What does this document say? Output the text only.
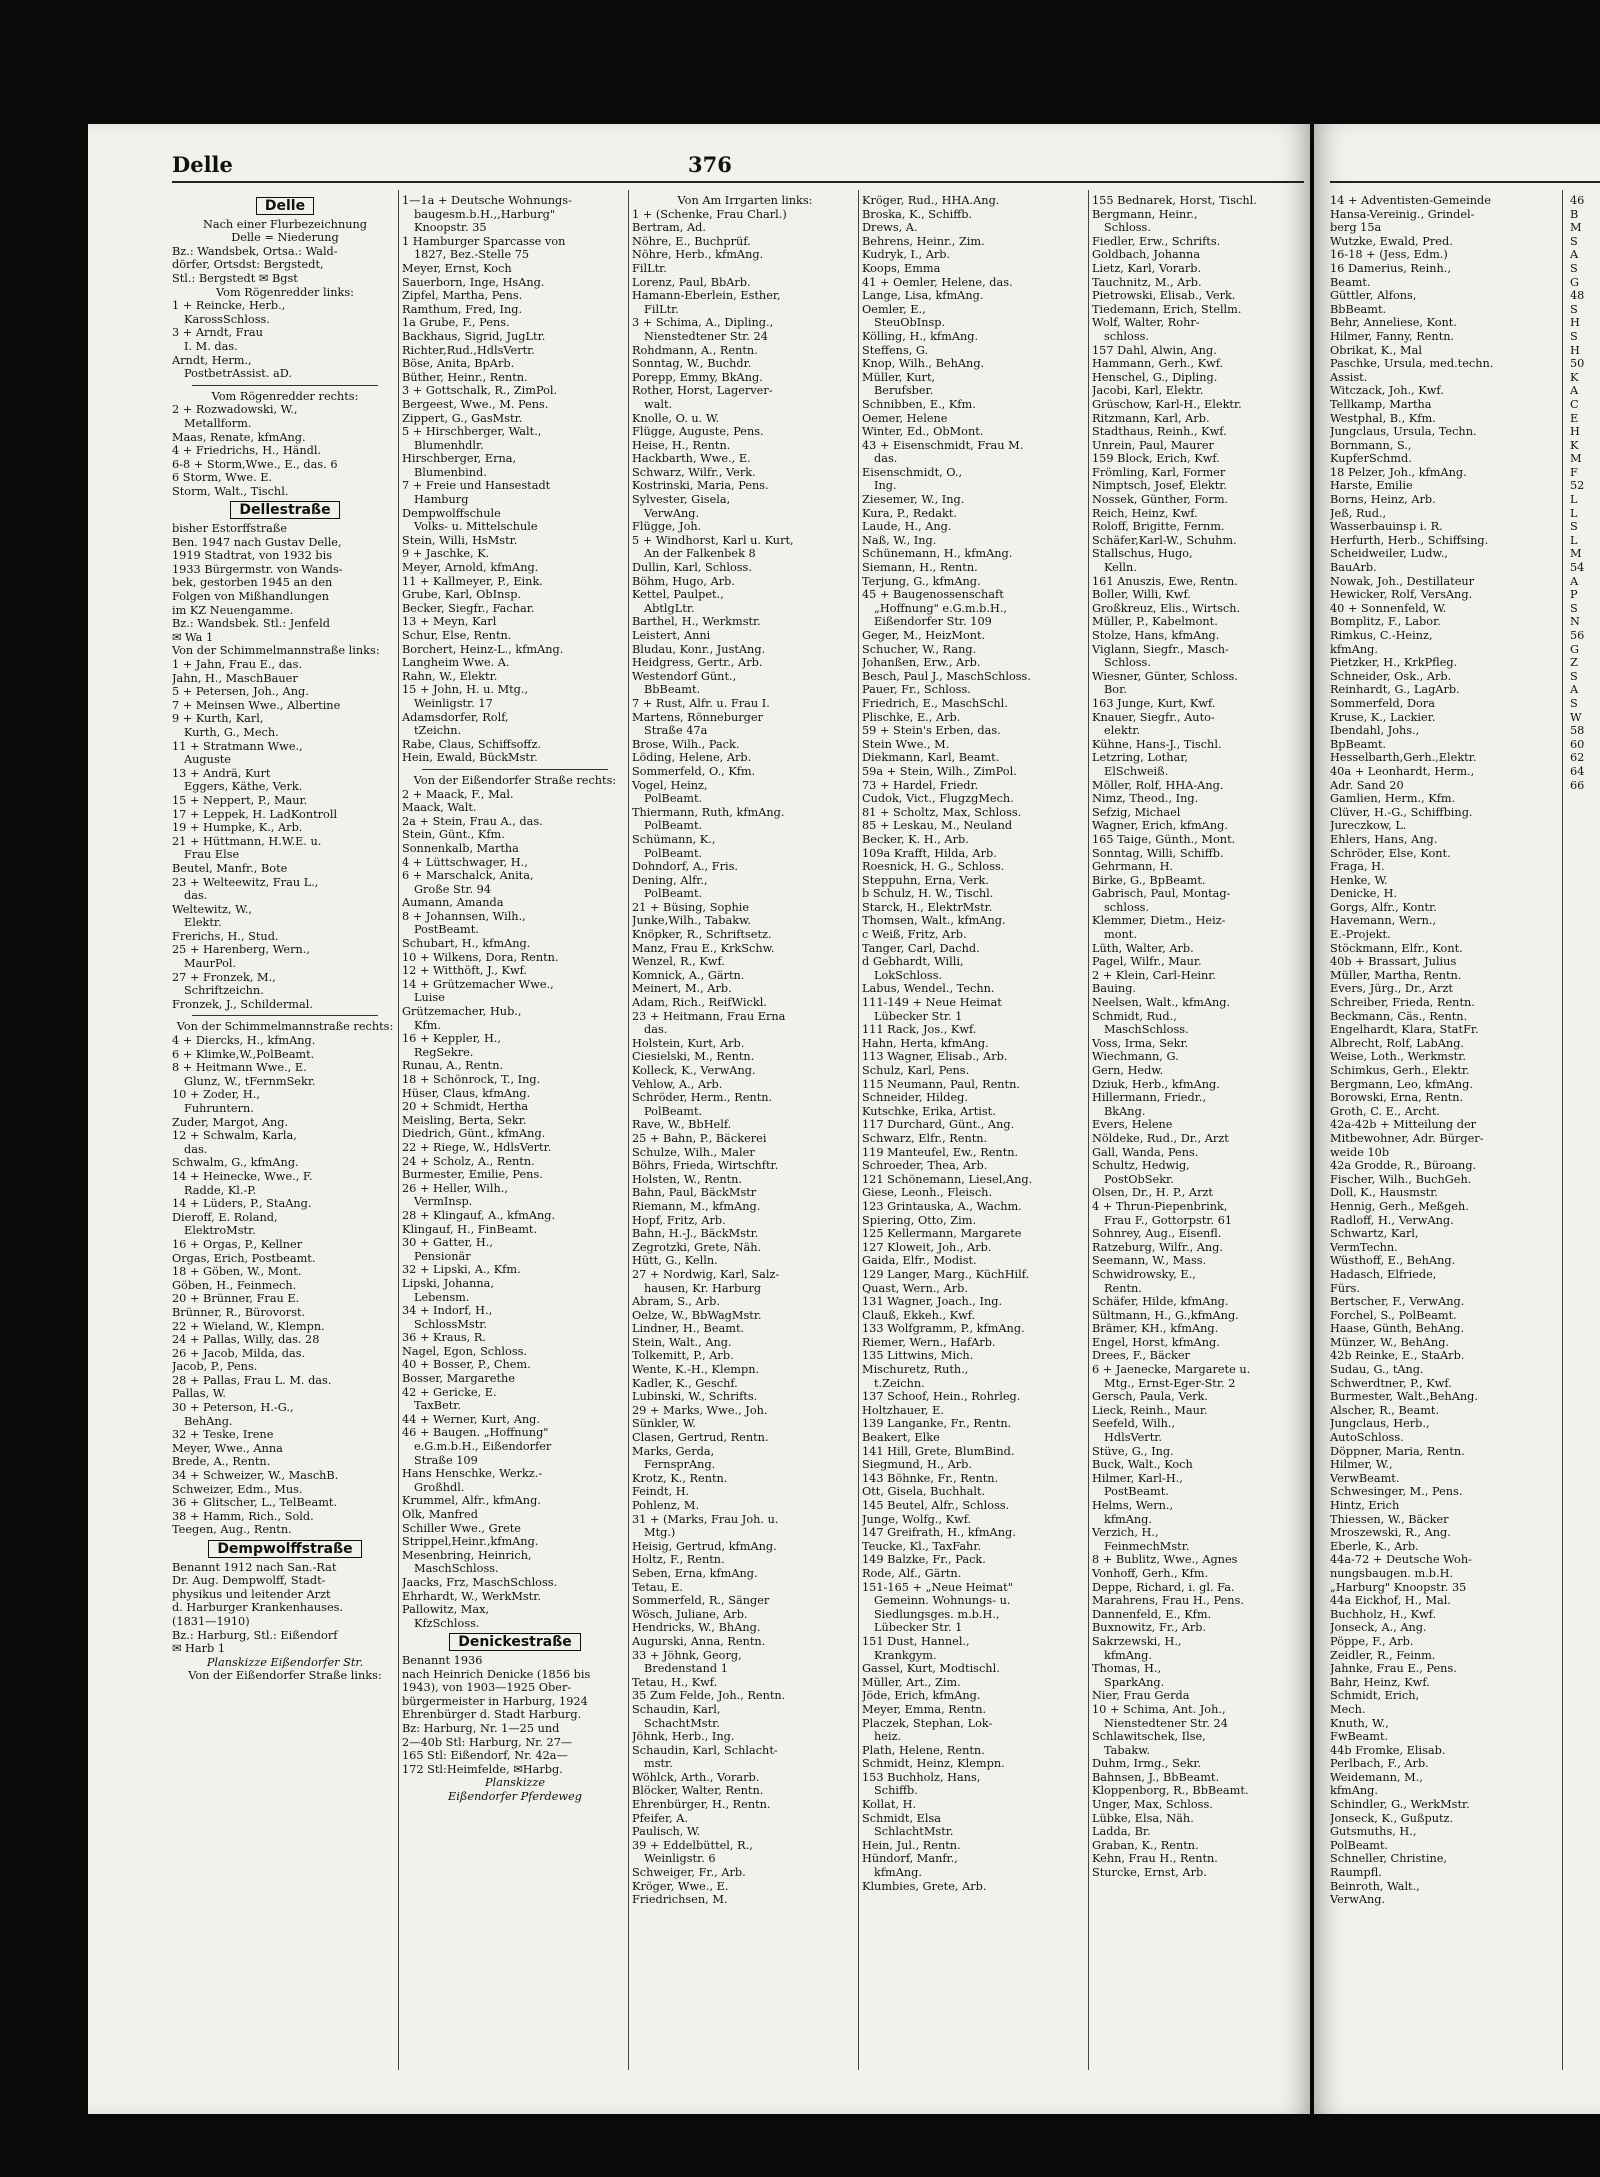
Delle	376
Delle
Nach einer Flurbezeichnung
Delle = Niederung
Bz.: Wandsbek, Ortsa.: Wald-
dörfer, Ortsdst: Bergstedt,
Stl.: Bergstedt ✉ Bgst
Vom Rögenredder links:
1 + Reincke, Herb.,
KarossSchloss.
3 + Arndt, Frau
I. M. das.
Arndt, Herm.,
PostbetrAssist. aD.
Vom Rögenredder rechts:
2 + Rozwadowski, W.,
Metallform.
Maas, Renate, kfmAng.
4 + Friedrichs, H., Händl.
6-8 + Storm,Wwe., E., das. 6
6 Storm, Wwe. E.
Storm, Walt., Tischl.
Dellestraße
bisher Estorffstraße
Ben. 1947 nach Gustav Delle,
1919 Stadtrat, von 1932 bis
1933 Bürgermstr. von Wands-
bek, gestorben 1945 an den
Folgen von Mißhandlungen
im KZ Neuengamme.
Bz.: Wandsbek. Stl.: Jenfeld
✉ Wa 1
Von der Schimmelmannstraße links:
1 + Jahn, Frau E., das.
Jahn, H., MaschBauer
5 + Petersen, Joh., Ang.
7 + Meinsen Wwe., Albertine
9 + Kurth, Karl,
Kurth, G., Mech.
11 + Stratmann Wwe.,
Auguste
13 + Andrä, Kurt
Eggers, Käthe, Verk.
15 + Neppert, P., Maur.
17 + Leppek, H. LadKontroll
19 + Humpke, K., Arb.
21 + Hüttmann, H.W.E. u.
Frau Else
Beutel, Manfr., Bote
23 + Welteewitz, Frau L.,
das.
Weltewitz, W.,
Elektr.
Frerichs, H., Stud.
25 + Harenberg, Wern.,
MaurPol.
27 + Fronzek, M.,
Schriftzeichn.
Fronzek, J., Schildermal.
Von der Schimmelmannstraße rechts:
4 + Diercks, H., kfmAng.
6 + Klimke,W.,PolBeamt.
8 + Heitmann Wwe., E.
Glunz, W., tFernmSekr.
10 + Zoder, H.,
Fuhruntern.
Zuder, Margot, Ang.
12 + Schwalm, Karla,
das.
Schwalm, G., kfmAng.
14 + Heinecke, Wwe., F.
Radde, Kl.-P.
14 + Lüders, P., StaAng.
Dieroff, E. Roland,
ElektroMstr.
16 + Orgas, P., Kellner
Orgas, Erich, Postbeamt.
18 + Göben, W., Mont.
Göben, H., Feinmech.
20 + Brünner, Frau E.
Brünner, R., Bürovorst.
22 + Wieland, W., Klempn.
24 + Pallas, Willy, das. 28
26 + Jacob, Milda, das.
Jacob, P., Pens.
28 + Pallas, Frau L. M. das.
Pallas, W.
30 + Peterson, H.-G.,
BehAng.
32 + Teske, Irene
Meyer, Wwe., Anna
Brede, A., Rentn.
34 + Schweizer, W., MaschB.
Schweizer, Edm., Mus.
36 + Glitscher, L., TelBeamt.
38 + Hamm, Rich., Sold.
Teegen, Aug., Rentn.
Dempwolffstraße
Benannt 1912 nach San.-Rat
Dr. Aug. Dempwolff, Stadt-
physikus und leitender Arzt
d. Harburger Krankenhauses.
(1831—1910)
Bz.: Harburg, Stl.: Eißendorf
✉ Harb 1
Planskizze Eißendorfer Str.
Von der Eißendorfer Straße links:
1—1a + Deutsche Wohnungs-
baugesm.b.H.,,Harburg"
Knoopstr. 35
1 Hamburger Sparcasse von
1827, Bez.-Stelle 75
Meyer, Ernst, Koch
Sauerborn, Inge, HsAng.
Zipfel, Martha, Pens.
Ramthum, Fred, Ing.
1a Grube, F., Pens.
Backhaus, Sigrid, JugLtr.
Richter,Rud.,HdlsVertr.
Böse, Anita, BpArb.
Büther, Heinr., Rentn.
3 + Gottschalk, R., ZimPol.
Bergeest, Wwe., M. Pens.
Zippert, G., GasMstr.
5 + Hirschberger, Walt.,
Blumenhdlr.
Hirschberger, Erna,
Blumenbind.
7 + Freie und Hansestadt
Hamburg
Dempwolffschule
Volks- u. Mittelschule
Stein, Willi, HsMstr.
9 + Jaschke, K.
Meyer, Arnold, kfmAng.
11 + Kallmeyer, P., Eink.
Grube, Karl, ObInsp.
Becker, Siegfr., Fachar.
13 + Meyn, Karl
Schur, Else, Rentn.
Borchert, Heinz-L., kfmAng.
Langheim Wwe. A.
Rahn, W., Elektr.
15 + John, H. u. Mtg.,
Weinligstr. 17
Adamsdorfer, Rolf,
tZeichn.
Rabe, Claus, Schiffsoffz.
Hein, Ewald, BückMstr.
Von der Eißendorfer Straße rechts:
2 + Maack, F., Mal.
Maack, Walt.
2a + Stein, Frau A., das.
Stein, Günt., Kfm.
Sonnenkalb, Martha
4 + Lüttschwager, H.,
6 + Marschalck, Anita,
Große Str. 94
Aumann, Amanda
8 + Johannsen, Wilh.,
PostBeamt.
Schubart, H., kfmAng.
10 + Wilkens, Dora, Rentn.
12 + Witthöft, J., Kwf.
14 + Grützemacher Wwe.,
Luise
Grützemacher, Hub.,
Kfm.
16 + Keppler, H.,
RegSekre.
Runau, A., Rentn.
18 + Schönrock, T., Ing.
Hüser, Claus, kfmAng.
20 + Schmidt, Hertha
Meisling, Berta, Sekr.
Diedrich, Günt., kfmAng.
22 + Riege, W., HdlsVertr.
24 + Scholz, A., Rentn.
Burmester, Emilie, Pens.
26 + Heller, Wilh.,
VermInsp.
28 + Klingauf, A., kfmAng.
Klingauf, H., FinBeamt.
30 + Gatter, H.,
Pensionär
32 + Lipski, A., Kfm.
Lipski, Johanna,
Lebensm.
34 + Indorf, H.,
SchlossMstr.
36 + Kraus, R.
Nagel, Egon, Schloss.
40 + Bosser, P., Chem.
Bosser, Margarethe
42 + Gericke, E.
TaxBetr.
44 + Werner, Kurt, Ang.
46 + Baugen. „Hoffnung"
e.G.m.b.H., Eißendorfer
Straße 109
Hans Henschke, Werkz.-
Großhdl.
Krummel, Alfr., kfmAng.
Olk, Manfred
Schiller Wwe., Grete
Strippel,Heinr.,kfmAng.
Mesenbring, Heinrich,
MaschSchloss.
Jaacks, Frz, MaschSchloss.
Ehrhardt, W., WerkMstr.
Pallowitz, Max,
KfzSchloss.
Denickestraße
Benannt 1936
nach Heinrich Denicke (1856 bis
1943), von 1903—1925 Ober-
bürgermeister in Harburg, 1924
Ehrenbürger d. Stadt Harburg.
Bz: Harburg, Nr. 1—25 und
2—40b Stl: Harburg, Nr. 27—
165 Stl: Eißendorf, Nr. 42a—
172 Stl:Heimfelde, ✉Harbg.
Planskizze
Eißendorfer Pferdeweg
Von Am Irrgarten links:
1 + (Schenke, Frau Charl.)
Bertram, Ad.
Nöhre, E., Buchprüf.
Nöhre, Herb., kfmAng.
FilLtr.
Lorenz, Paul, BbArb.
Hamann-Eberlein, Esther,
FilLtr.
3 + Schima, A., Dipling.,
Nienstedtener Str. 24
Rohdmann, A., Rentn.
Sonntag, W., Buchdr.
Porepp, Emmy, BkAng.
Rother, Horst, Lagerver-
walt.
Knolle, O. u. W.
Flügge, Auguste, Pens.
Heise, H., Rentn.
Hackbarth, Wwe., E.
Schwarz, Wilfr., Verk.
Kostrinski, Maria, Pens.
Sylvester, Gisela,
VerwAng.
Flügge, Joh.
5 + Windhorst, Karl u. Kurt,
An der Falkenbek 8
Dullin, Karl, Schloss.
Böhm, Hugo, Arb.
Kettel, Paulpet.,
AbtlgLtr.
Barthel, H., Werkmstr.
Leistert, Anni
Bludau, Konr., JustAng.
Heidgress, Gertr., Arb.
Westendorf Günt.,
BbBeamt.
7 + Rust, Alfr. u. Frau I.
Martens, Rönneburger
Straße 47a
Brose, Wilh., Pack.
Löding, Helene, Arb.
Sommerfeld, O., Kfm.
Vogel, Heinz,
PolBeamt.
Thiermann, Ruth, kfmAng.
PolBeamt.
Schümann, K.,
PolBeamt.
Dohndorf, A., Fris.
Dening, Alfr.,
PolBeamt.
21 + Büsing, Sophie
Junke,Wilh., Tabakw.
Knöpker, R., Schriftsetz.
Manz, Frau E., KrkSchw.
Wenzel, R., Kwf.
Komnick, A., Gärtn.
Meinert, M., Arb.
Adam, Rich., ReifWickl.
23 + Heitmann, Frau Erna
das.
Holstein, Kurt, Arb.
Ciesielski, M., Rentn.
Kolleck, K., VerwAng.
Vehlow, A., Arb.
Schröder, Herm., Rentn.
PolBeamt.
Rave, W., BbHelf.
25 + Bahn, P., Bäckerei
Schulze, Wilh., Maler
Böhrs, Frieda, Wirtschftr.
Holsten, W., Rentn.
Bahn, Paul, BäckMstr
Riemann, M., kfmAng.
Hopf, Fritz, Arb.
Bahn, H.-J., BäckMstr.
Zegrotzki, Grete, Näh.
Hütt, G., Kelln.
27 + Nordwig, Karl, Salz-
hausen, Kr. Harburg
Abram, S., Arb.
Oelze, W., BbWagMstr.
Lindner, H., Beamt.
Stein, Walt., Ang.
Tolkemitt, P., Arb.
Wente, K.-H., Klempn.
Kadler, K., Geschf.
Lubinski, W., Schrifts.
29 + Marks, Wwe., Joh.
Sünkler, W.
Clasen, Gertrud, Rentn.
Marks, Gerda,
FernsprAng.
Krotz, K., Rentn.
Feindt, H.
Pohlenz, M.
31 + (Marks, Frau Joh. u.
Mtg.)
Heisig, Gertrud, kfmAng.
Holtz, F., Rentn.
Seben, Erna, kfmAng.
Tetau, E.
Sommerfeld, R., Sänger
Wösch, Juliane, Arb.
Hendricks, W., BhAng.
Augurski, Anna, Rentn.
33 + Jöhnk, Georg,
Bredenstand 1
Tetau, H., Kwf.
35 Zum Felde, Joh., Rentn.
Schaudin, Karl,
SchachtMstr.
Jöhnk, Herb., Ing.
Schaudin, Karl, Schlacht-
mstr.
Wöhlck, Arth., Vorarb.
Blöcker, Walter, Rentn.
Ehrenbürger, H., Rentn.
Pfeifer, A.
Paulisch, W.
39 + Eddelbüttel, R.,
Weinligstr. 6
Schweiger, Fr., Arb.
Kröger, Wwe., E.
Friedrichsen, M.
Kröger, Rud., HHA.Ang.
Broska, K., Schiffb.
Drews, A.
Behrens, Heinr., Zim.
Kudryk, I., Arb.
Koops, Emma
41 + Oemler, Helene, das.
Lange, Lisa, kfmAng.
Oemler, E.,
SteuObInsp.
Kölling, H., kfmAng.
Steffens, G.
Knop, Wilh., BehAng.
Müller, Kurt,
Berufsber.
Schnibben, E., Kfm.
Oemer, Helene
Winter, Ed., ObMont.
43 + Eisenschmidt, Frau M.
das.
Eisenschmidt, O.,
Ing.
Ziesemer, W., Ing.
Kura, P., Redakt.
Laude, H., Ang.
Naß, W., Ing.
Schünemann, H., kfmAng.
Siemann, H., Rentn.
Terjung, G., kfmAng.
45 + Baugenossenschaft
„Hoffnung" e.G.m.b.H.,
Eißendorfer Str. 109
Geger, M., HeizMont.
Schucher, W., Rang.
Johanßen, Erw., Arb.
Besch, Paul J., MaschSchloss.
Pauer, Fr., Schloss.
Friedrich, E., MaschSchl.
Plischke, E., Arb.
59 + Stein's Erben, das.
Stein Wwe., M.
Diekmann, Karl, Beamt.
59a + Stein, Wilh., ZimPol.
73 + Hardel, Friedr.
Cudok, Vict., FlugzgMech.
81 + Scholtz, Max, Schloss.
85 + Leskau, M., Neuland
Becker, K. H., Arb.
109a Krafft, Hilda, Arb.
Roesnick, H. G., Schloss.
Steppuhn, Erna, Verk.
b Schulz, H. W., Tischl.
Starck, H., ElektrMstr.
Thomsen, Walt., kfmAng.
c Weiß, Fritz, Arb.
Tanger, Carl, Dachd.
d Gebhardt, Willi,
LokSchloss.
Labus, Wendel., Techn.
111-149 + Neue Heimat
Lübecker Str. 1
111 Rack, Jos., Kwf.
Hahn, Herta, kfmAng.
113 Wagner, Elisab., Arb.
Schulz, Karl, Pens.
115 Neumann, Paul, Rentn.
Schneider, Hildeg.
Kutschke, Erika, Artist.
117 Durchard, Günt., Ang.
Schwarz, Elfr., Rentn.
119 Manteufel, Ew., Rentn.
Schroeder, Thea, Arb.
121 Schönemann, Liesel,Ang.
Giese, Leonh., Fleisch.
123 Grintauska, A., Wachm.
Spiering, Otto, Zim.
125 Kellermann, Margarete
127 Kloweit, Joh., Arb.
Gaida, Elfr., Modist.
129 Langer, Marg., KüchHilf.
Quast, Wern., Arb.
131 Wagner, Joach., Ing.
Clauß, Ekkeh., Kwf.
133 Wolfgramm, P., kfmAng.
Riemer, Wern., HafArb.
135 Littwins, Mich.
Mischuretz, Ruth.,
t.Zeichn.
137 Schoof, Hein., Rohrleg.
Holtzhauer, E.
139 Langanke, Fr., Rentn.
Beakert, Elke
141 Hill, Grete, BlumBind.
Siegmund, H., Arb.
143 Böhnke, Fr., Rentn.
Ott, Gisela, Buchhalt.
145 Beutel, Alfr., Schloss.
Junge, Wolfg., Kwf.
147 Greifrath, H., kfmAng.
Teucke, Kl., TaxFahr.
149 Balzke, Fr., Pack.
Rode, Alf., Gärtn.
151-165 + „Neue Heimat"
Gemeinn. Wohnungs- u.
Siedlungsges. m.b.H.,
Lübecker Str. 1
151 Dust, Hannel.,
Krankgym.
Gassel, Kurt, Modtischl.
Müller, Art., Zim.
Jöde, Erich, kfmAng.
Meyer, Emma, Rentn.
Placzek, Stephan, Lok-
heiz.
Plath, Helene, Rentn.
Schmidt, Heinz, Klempn.
153 Buchholz, Hans,
Schiffb.
Kollat, H.
Schmidt, Elsa
SchlachtMstr.
Hein, Jul., Rentn.
Hündorf, Manfr.,
kfmAng.
Klumbies, Grete, Arb.
155 Bednarek, Horst, Tischl.
Bergmann, Heinr.,
Schloss.
Fiedler, Erw., Schrifts.
Goldbach, Johanna
Lietz, Karl, Vorarb.
Tauchnitz, M., Arb.
Pietrowski, Elisab., Verk.
Tiedemann, Erich, Stellm.
Wolf, Walter, Rohr-
schloss.
157 Dahl, Alwin, Ang.
Hammann, Gerh., Kwf.
Henschel, G., Dipling.
Jacobi, Karl, Elektr.
Grüschow, Karl-H., Elektr.
Ritzmann, Karl, Arb.
Stadthaus, Reinh., Kwf.
Unrein, Paul, Maurer
159 Block, Erich, Kwf.
Frömling, Karl, Former
Nimptsch, Josef, Elektr.
Nossek, Günther, Form.
Reich, Heinz, Kwf.
Roloff, Brigitte, Fernm.
Schäfer,Karl-W., Schuhm.
Stallschus, Hugo,
Kelln.
161 Anuszis, Ewe, Rentn.
Boller, Willi, Kwf.
Großkreuz, Elis., Wirtsch.
Müller, P., Kabelmont.
Stolze, Hans, kfmAng.
Viglann, Siegfr., Masch-
Schloss.
Wiesner, Günter, Schloss.
Bor.
163 Junge, Kurt, Kwf.
Knauer, Siegfr., Auto-
elektr.
Kühne, Hans-J., Tischl.
Letzring, Lothar,
ElSchweiß.
Möller, Rolf, HHA-Ang.
Nimz, Theod., Ing.
Sefzig, Michael
Wagner, Erich, kfmAng.
165 Taige, Günth., Mont.
Sonntag, Willi, Schiffb.
Gehrmann, H.
Birke, G., BpBeamt.
Gabrisch, Paul, Montag-
schloss.
Klemmer, Dietm., Heiz-
mont.
Lüth, Walter, Arb.
Pagel, Wilfr., Maur.
2 + Klein, Carl-Heinr.
Bauing.
Neelsen, Walt., kfmAng.
Schmidt, Rud.,
MaschSchloss.
Voss, Irma, Sekr.
Wiechmann, G.
Gern, Hedw.
Dziuk, Herb., kfmAng.
Hillermann, Friedr.,
BkAng.
Evers, Helene
Nöldeke, Rud., Dr., Arzt
Gall, Wanda, Pens.
Schultz, Hedwig,
PostObSekr.
Olsen, Dr., H. P., Arzt
4 + Thrun-Piepenbrink,
Frau F., Gottorpstr. 61
Sohnrey, Aug., Eisenfl.
Ratzeburg, Wilfr., Ang.
Seemann, W., Mass.
Schwidrowsky, E.,
Rentn.
Schäfer, Hilde, kfmAng.
Sültmann, H., G.,kfmAng.
Brämer, KH., kfmAng.
Engel, Horst, kfmAng.
Drees, F., Bäcker
6 + Jaenecke, Margarete u.
Mtg., Ernst-Eger-Str. 2
Gersch, Paula, Verk.
Lieck, Reinh., Maur.
Seefeld, Wilh.,
HdlsVertr.
Stüve, G., Ing.
Buck, Walt., Koch
Hilmer, Karl-H.,
PostBeamt.
Helms, Wern.,
kfmAng.
Verzich, H.,
FeinmechMstr.
8 + Bublitz, Wwe., Agnes
Vonhoff, Gerh., Kfm.
Deppe, Richard, i. gl. Fa.
Marahrens, Frau H., Pens.
Dannenfeld, E., Kfm.
Buxnowitz, Fr., Arb.
Sakrzewski, H.,
kfmAng.
Thomas, H.,
SparkAng.
Nier, Frau Gerda
10 + Schima, Ant. Joh.,
Nienstedtener Str. 24
Schlawitschek, Ilse,
Tabakw.
Duhm, Irmg., Sekr.
Bahnsen, J., BbBeamt.
Kloppenborg, R., BbBeamt.
Unger, Max, Schloss.
Lübke, Elsa, Näh.
Ladda, Br.
Graban, K., Rentn.
Kehn, Frau H., Rentn.
Sturcke, Ernst, Arb.
14 + Adventisten-Gemeinde
Hansa-Vereinig., Grindel-
berg 15a
Wutzke, Ewald, Pred.
16-18 + (Jess, Edm.)
16 Damerius, Reinh.,
Beamt.
Güttler, Alfons,
BbBeamt.
Behr, Anneliese, Kont.
Hilmer, Fanny, Rentn.
Obrikat, K., Mal
Paschke, Ursula, med.techn.
Assist.
Witczack, Joh., Kwf.
Tellkamp, Martha
Westphal, B., Kfm.
Jungclaus, Ursula, Techn.
Bornmann, S.,
KupferSchmd.
18 Pelzer, Joh., kfmAng.
Harste, Emilie
Borns, Heinz, Arb.
Jeß, Rud.,
Wasserbauinsp i. R.
Herfurth, Herb., Schiffsing.
Scheidweiler, Ludw.,
BauArb.
Nowak, Joh., Destillateur
Hewicker, Rolf, VersAng.
40 + Sonnenfeld, W.
Bomplitz, F., Labor.
Rimkus, C.-Heinz,
kfmAng.
Pietzker, H., KrkPfleg.
Schneider, Osk., Arb.
Reinhardt, G., LagArb.
Sommerfeld, Dora
Kruse, K., Lackier.
Ibendahl, Johs.,
BpBeamt.
Hesselbarth,Gerh.,Elektr.
40a + Leonhardt, Herm.,
Adr. Sand 20
Gamlien, Herm., Kfm.
Clüver, H.-G., Schiffbing.
Jureczkow, L.
Ehlers, Hans, Ang.
Schröder, Else, Kont.
Fraga, H.
Henke, W.
Denicke, H.
Gorgs, Alfr., Kontr.
Havemann, Wern.,
E.-Projekt.
Stöckmann, Elfr., Kont.
40b + Brassart, Julius
Müller, Martha, Rentn.
Evers, Jürg., Dr., Arzt
Schreiber, Frieda, Rentn.
Beckmann, Cäs., Rentn.
Engelhardt, Klara, StatFr.
Albrecht, Rolf, LabAng.
Weise, Loth., Werkmstr.
Schimkus, Gerh., Elektr.
Bergmann, Leo, kfmAng.
Borowski, Erna, Rentn.
Groth, C. E., Archt.
42a-42b + Mitteilung der
Mitbewohner, Adr. Bürger-
weide 10b
42a Grodde, R., Büroang.
Fischer, Wilh., BuchGeh.
Doll, K., Hausmstr.
Hennig, Gerh., Meßgeh.
Radloff, H., VerwAng.
Schwartz, Karl,
VermTechn.
Wüsthoff, E., BehAng.
Hadasch, Elfriede,
Fürs.
Bertscher, F., VerwAng.
Forchel, S., PolBeamt.
Haase, Günth, BehAng.
Münzer, W., BehAng.
42b Reinke, E., StaArb.
Sudau, G., tAng.
Schwerdtner, P., Kwf.
Burmester, Walt.,BehAng.
Alscher, R., Beamt.
Jungclaus, Herb.,
AutoSchloss.
Döppner, Maria, Rentn.
Hilmer, W.,
VerwBeamt.
Schwesinger, M., Pens.
Hintz, Erich
Thiessen, W., Bäcker
Mroszewski, R., Ang.
Eberle, K., Arb.
44a-72 + Deutsche Woh-
nungsbaugen. m.b.H.
„Harburg" Knoopstr. 35
44a Eickhof, H., Mal.
Buchholz, H., Kwf.
Jonseck, A., Ang.
Pöppe, F., Arb.
Zeidler, R., Feinm.
Jahnke, Frau E., Pens.
Bahr, Heinz, Kwf.
Schmidt, Erich,
Mech.
Knuth, W.,
FwBeamt.
44b Fromke, Elisab.
Perlbach, F., Arb.
Weidemann, M.,
kfmAng.
Schindler, G., WerkMstr.
Jonseck, K., Gußputz.
Gutsmuths, H.,
PolBeamt.
Schneller, Christine,
Raumpfl.
Beinroth, Walt.,
VerwAng.
46
B
M
S
A
S
G
48
S
H
S
H
50
K
A
C
E
H
K
M
F
52
L
L
S
L
M
54
A
P
S
N
56
G
Z
S
A
S
W
58
60
62
64
66
